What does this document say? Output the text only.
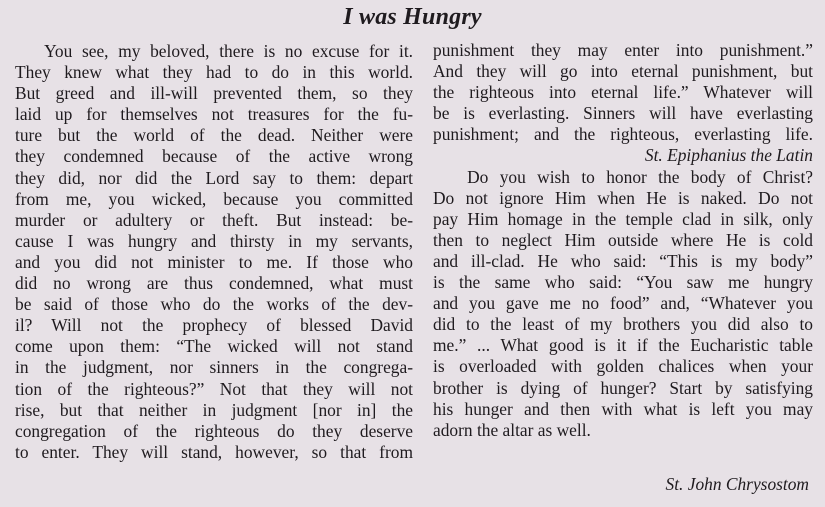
I was Hungry
You see, my beloved, there is no excuse for it.
They knew what they had to do in this world.
But greed and ill-will prevented them, so they
laid up for themselves not treasures for the fu-
ture but the world of the dead. Neither were
they condemned because of the active wrong
they did, nor did the Lord say to them: depart
from me, you wicked, because you committed
murder or adultery or theft. But instead: be-
cause I was hungry and thirsty in my servants,
and you did not minister to me. If those who
did no wrong are thus condemned, what must
be said of those who do the works of the dev-
il? Will not the prophecy of blessed David
come upon them: “The wicked will not stand
in the judgment, nor sinners in the congrega-
tion of the righteous?” Not that they will not
rise, but that neither in judgment [nor in] the
congregation of the righteous do they deserve
to enter. They will stand, however, so that from
punishment they may enter into punishment.”
And they will go into eternal punishment, but
the righteous into eternal life.” Whatever will
be is everlasting. Sinners will have everlasting
punishment; and the righteous, everlasting life.
St. Epiphanius the Latin
Do you wish to honor the body of Christ?
Do not ignore Him when He is naked. Do not
pay Him homage in the temple clad in silk, only
then to neglect Him outside where He is cold
and ill-clad. He who said: “This is my body”
is the same who said: “You saw me hungry
and you gave me no food” and, “Whatever you
did to the least of my brothers you did also to
me.” ... What good is it if the Eucharistic table
is overloaded with golden chalices when your
brother is dying of hunger? Start by satisfying
his hunger and then with what is left you may
adorn the altar as well.
St. John Chrysostom
